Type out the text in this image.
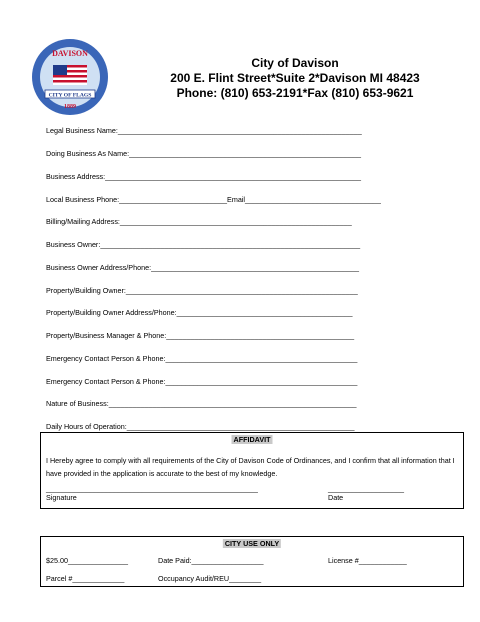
CITY OF FLAGS
DAVISON
1889
City of Davison
200 E. Flint Street*Suite 2*Davison MI 48423
Phone: (810) 653-2191*Fax (810) 653-9621
Legal Business Name:_____________________________________________________________
Doing Business As Name:__________________________________________________________
Business Address:________________________________________________________________
Local Business Phone:___________________________Email__________________________________
Billing/Mailing Address:__________________________________________________________
Business Owner:_________________________________________________________________
Business Owner Address/Phone:____________________________________________________
Property/Building Owner:__________________________________________________________
Property/Building Owner Address/Phone:____________________________________________
Property/Business Manager & Phone:_______________________________________________
Emergency Contact Person & Phone:________________________________________________
Emergency Contact Person & Phone:________________________________________________
Nature of Business:______________________________________________________________
Daily Hours of Operation:_________________________________________________________
AFFIDAVIT
I Hereby agree to comply with all requirements of the City of Davison Code of Ordinances, and I confirm that all information that I have provided in the application is accurate to the best of my knowledge.
_____________________________________________________	___________________
Signature	Date
CITY USE ONLY
$25.00_______________	Date Paid:__________________	License #____________
Parcel #_____________	Occupancy Audit/REU________
